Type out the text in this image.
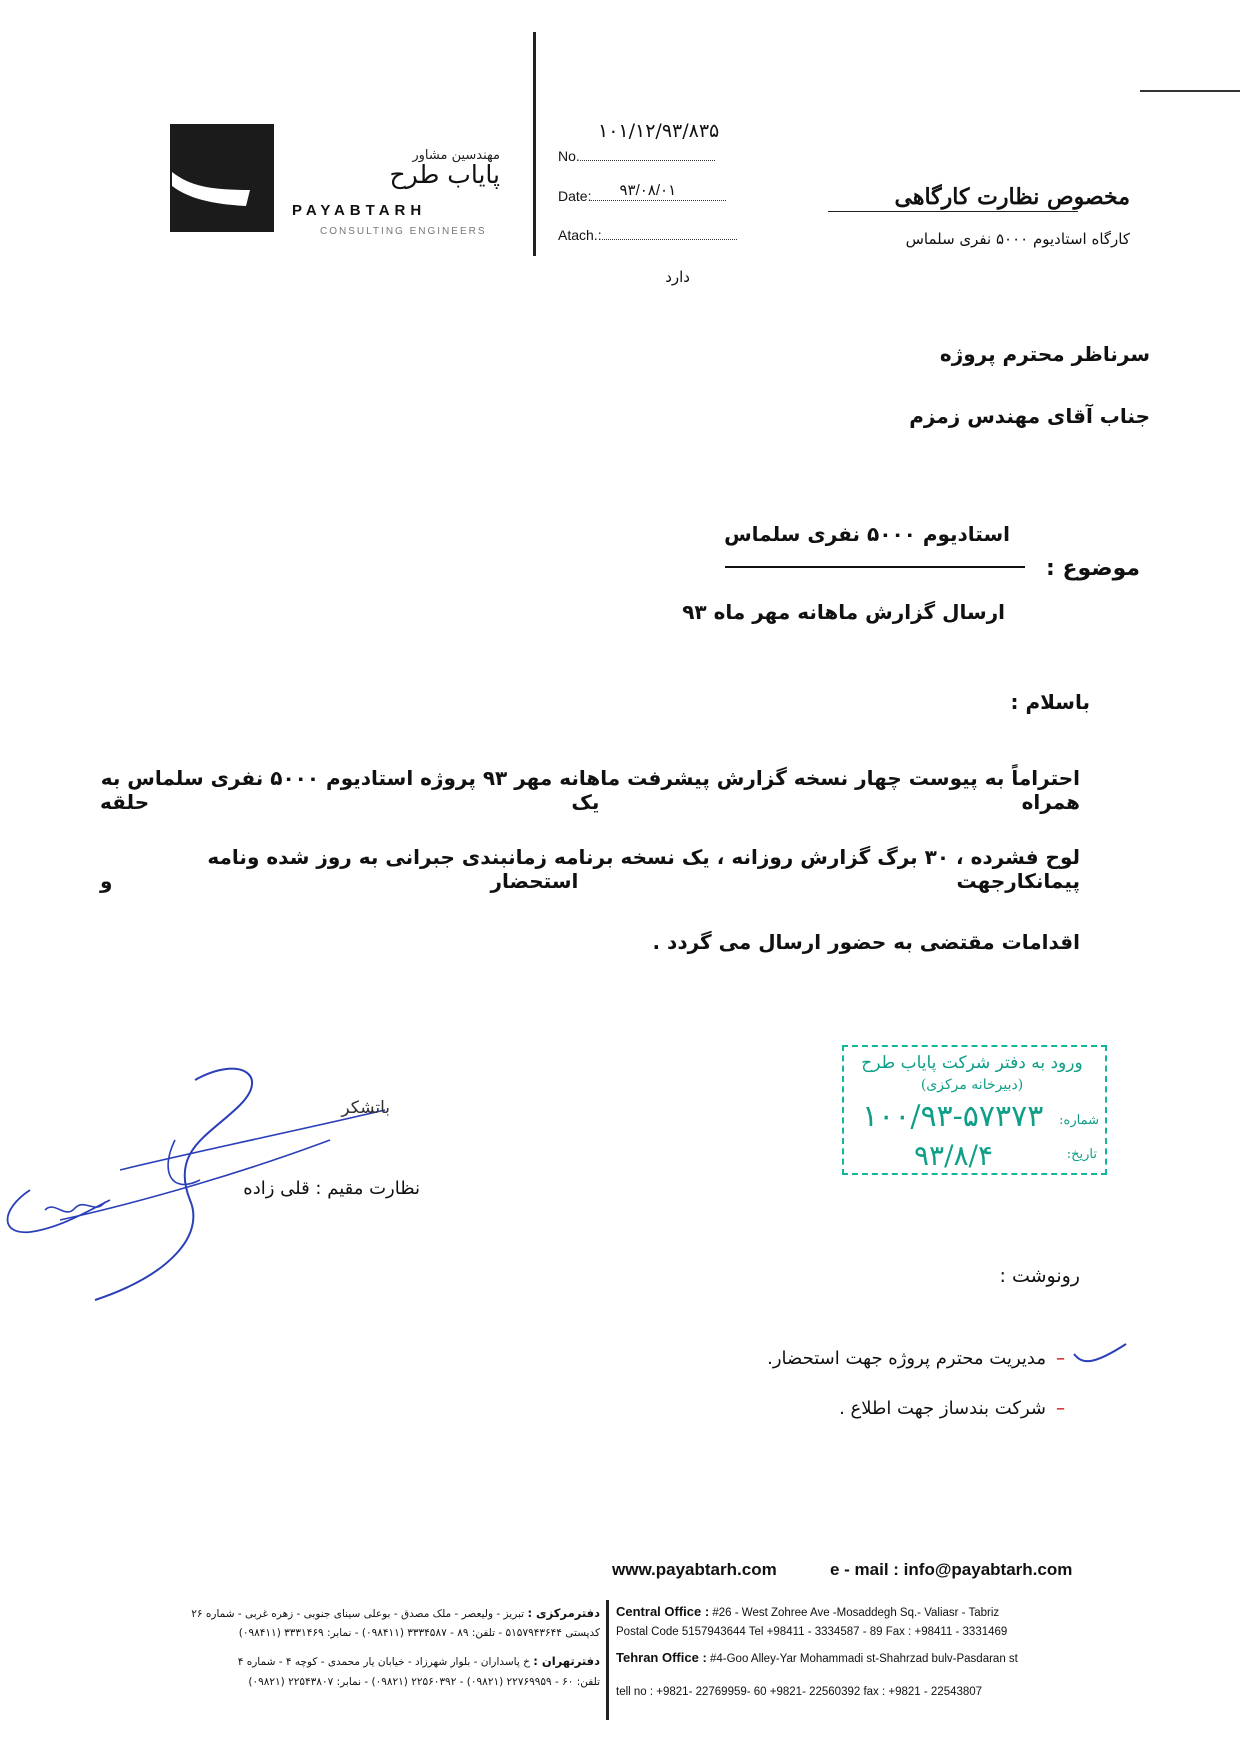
مهندسین مشاور
پایاب طرح
PAYABTARH
CONSULTING ENGINEERS
۱۰۱/۱۲/۹۳/۸۳۵
No.
Date: ۹۳/۰۸/۰۱
Atach.:
دارد
مخصوص نظارت کارگاهی
کارگاه استادیوم ۵۰۰۰ نفری سلماس
سرناظر محترم پروژه
جناب آقای مهندس زمزم
استادیوم ۵۰۰۰ نفری سلماس
موضوع :
ارسال گزارش ماهانه مهر ماه ۹۳
باسلام :
احتراماً به پیوست چهار نسخه گزارش پیشرفت ماهانه مهر ۹۳ پروژه استادیوم ۵۰۰۰ نفری سلماس به همراه یک حلقه
لوح فشرده ، ۳۰ برگ گزارش روزانه ، یک نسخه برنامه زمانبندی جبرانی به روز شده ونامه پیمانکارجهت استحضار و
اقدامات مقتضی به حضور ارسال می گردد .
ورود به دفتر شرکت پایاب طرح
(دبیرخانه مرکزی)
شماره:
۱۰۰/۹۳-۵۷۳۷۳
تاریخ:
۹۳/۸/۴
باتشکر
نظارت مقیم : قلی زاده
رونوشت :
–مدیریت محترم پروژه جهت استحضار.
–شرکت بندساز جهت اطلاع .
www.payabtarh.com	e - mail : info@payabtarh.com
دفترمرکزی : تبریز - ولیعصر - ملک مصدق - بوعلی سینای جنوبی - زهره غربی - شماره ۲۶
کدپستی ۵۱۵۷۹۴۳۶۴۴ - تلفن: ۸۹ - ۳۳۳۴۵۸۷ (۰۹۸۴۱۱) - نمابر: ۳۳۳۱۴۶۹ (۰۹۸۴۱۱)
دفترتهران : خ پاسداران - بلوار شهرزاد - خیابان یار محمدی - کوچه ۴ - شماره ۴
تلفن: ۶۰ - ۲۲۷۶۹۹۵۹ (۰۹۸۲۱) - ۲۲۵۶۰۳۹۲ (۰۹۸۲۱) - نمابر: ۲۲۵۴۳۸۰۷ (۰۹۸۲۱)
Central Office : #26 - West Zohree Ave -Mosaddegh Sq.- Valiasr - Tabriz
Postal Code 5157943644 Tel +98411 - 3334587 - 89 Fax : +98411 - 3331469
Tehran Office : #4-Goo Alley-Yar Mohammadi st-Shahrzad bulv-Pasdaran st
tell no : +9821- 22769959- 60 +9821- 22560392 fax : +9821 - 22543807
